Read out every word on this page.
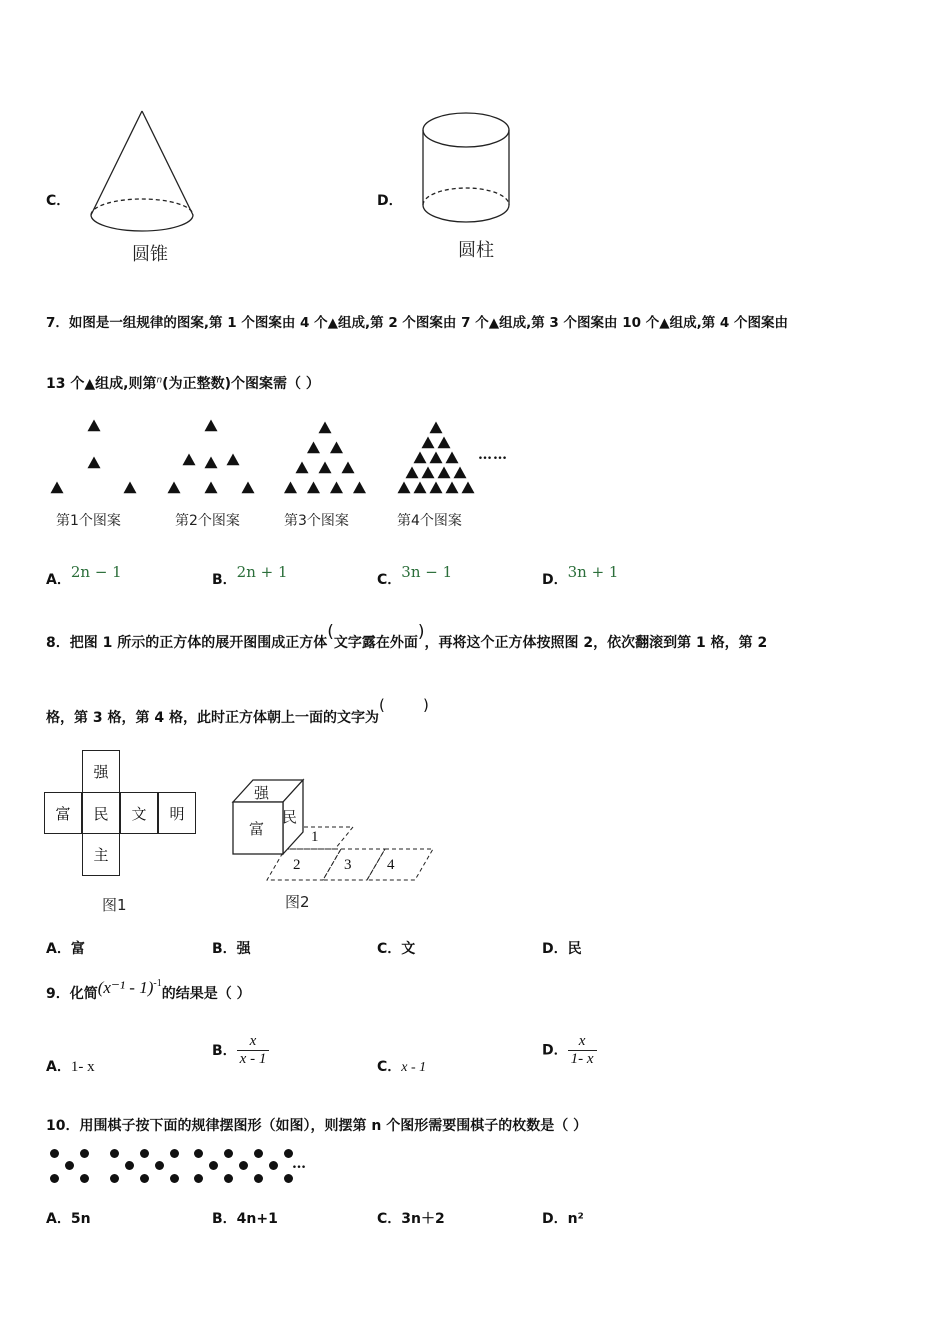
C．
圆锥
D．
圆柱
7．如图是一组规律的图案,第 1 个图案由 4 个▲组成,第 2 个图案由 7 个▲组成,第 3 个图案由 10 个▲组成,第 4 个图案由
13 个▲组成,则第$^n$(为正整数)个图案需（ ）
第1个图案	第2个图案	第3个图案	第4个图案
……
A．2n − 1	B．2n + 1	C．3n − 1	D．3n + 1
8．把图 1 所示的正方体的展开图围成正方体(文字露在外面)，再将这个正方体按照图 2，依次翻滚到第 1 格，第 2
格，第 3 格，第 4 格，此时正方体朝上一面的文字为(        )
强
富	民	文	明
主
图1
强
富
民
1
2	3 4
图2
A．富	B．强	C．文	D．民
9．化简(x⁻¹ - 1)$^{-1}$的结果是（ ）
A．1- x
B． $\frac{x}{x - 1}$	C．x - 1
D． $\frac{x}{1- x}$
10．用围棋子按下面的规律摆图形（如图），则摆第 n 个图形需要围棋子的枚数是（ ）
…
A．5n	B．4n+1	C．3n＋2	D．n²
